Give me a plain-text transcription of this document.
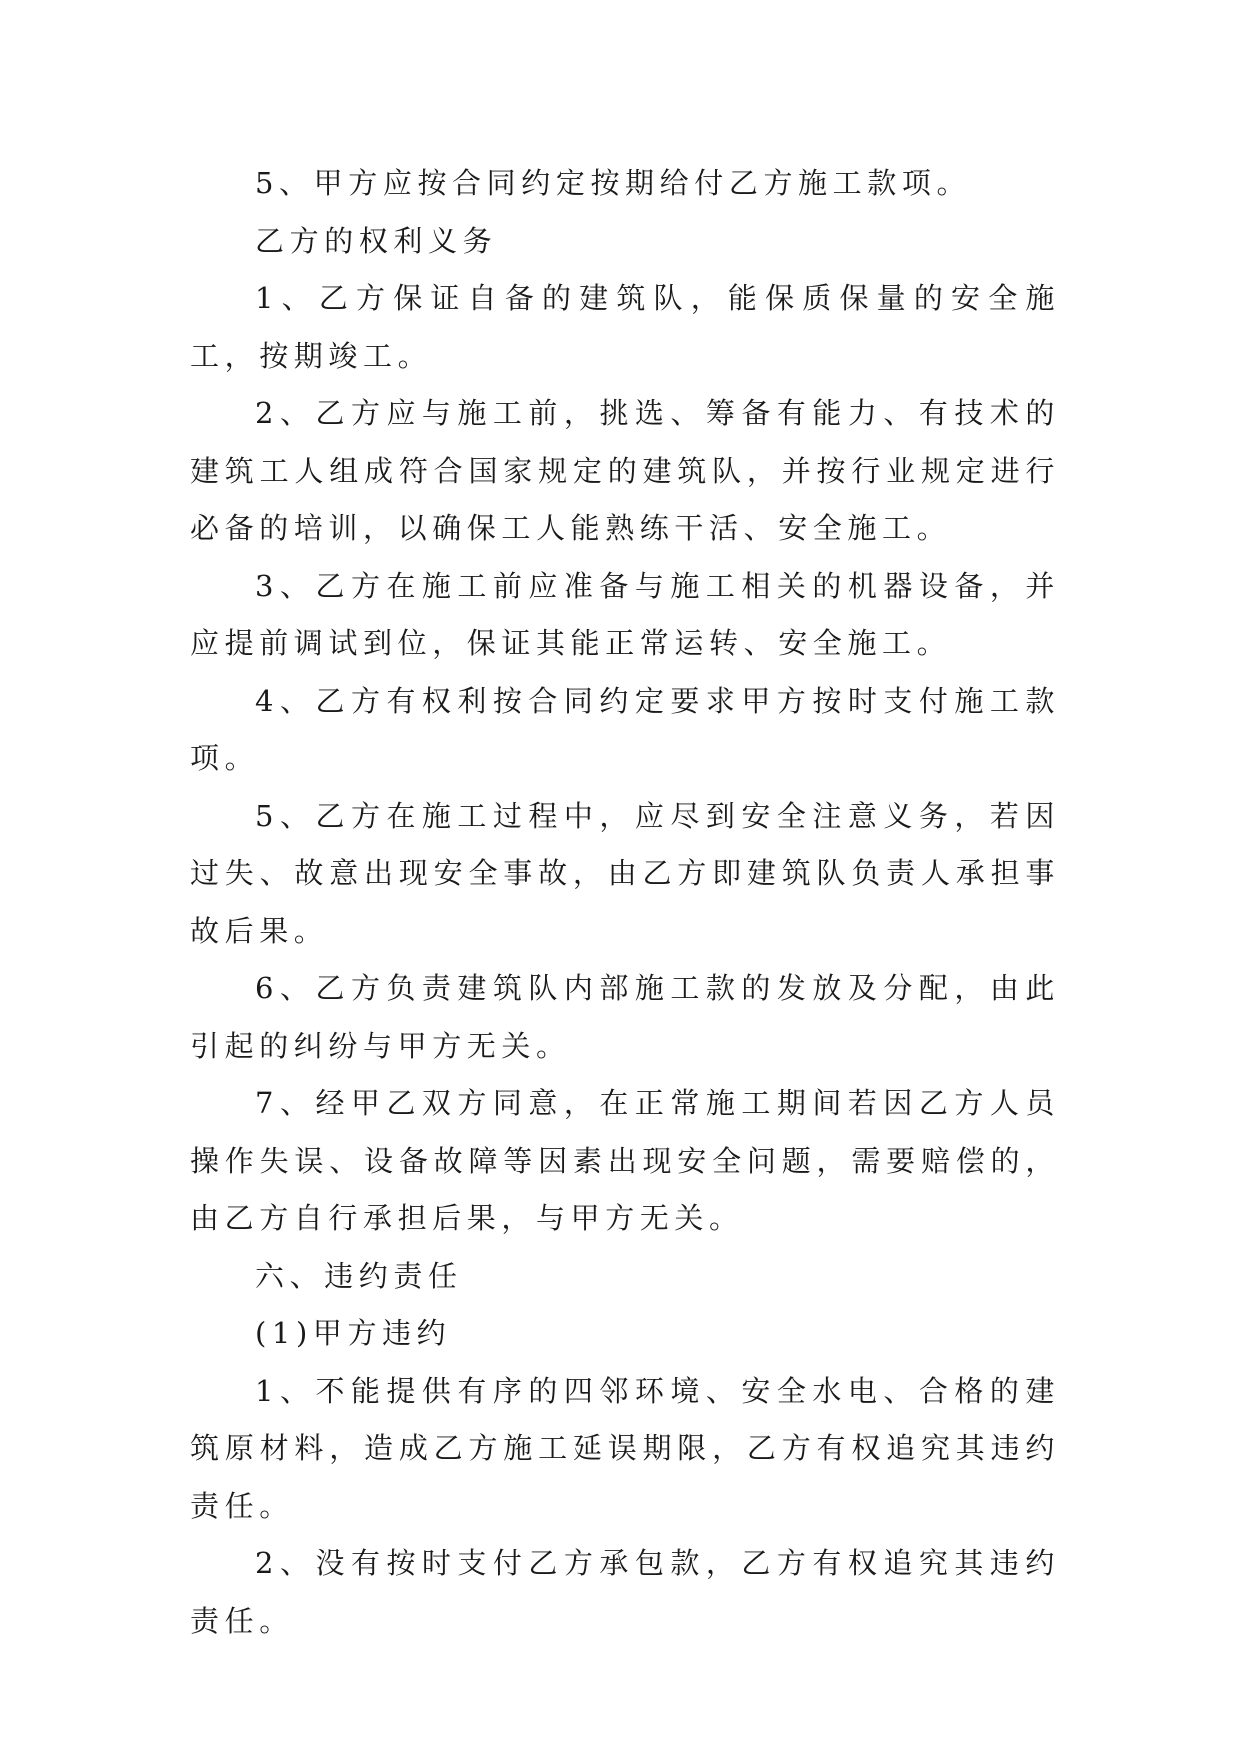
5、甲方应按合同约定按期给付乙方施工款项。

乙方的权利义务

1、乙方保证自备的建筑队，能保质保量的安全施工，按期竣工。

2、乙方应与施工前，挑选、筹备有能力、有技术的建筑工人组成符合国家规定的建筑队，并按行业规定进行必备的培训，以确保工人能熟练干活、安全施工。

3、乙方在施工前应准备与施工相关的机器设备，并应提前调试到位，保证其能正常运转、安全施工。

4、乙方有权利按合同约定要求甲方按时支付施工款项。

5、乙方在施工过程中，应尽到安全注意义务，若因过失、故意出现安全事故，由乙方即建筑队负责人承担事故后果。

6、乙方负责建筑队内部施工款的发放及分配，由此引起的纠纷与甲方无关。

7、经甲乙双方同意，在正常施工期间若因乙方人员操作失误、设备故障等因素出现安全问题，需要赔偿的，由乙方自行承担后果，与甲方无关。

六、违约责任

(1)甲方违约

1、不能提供有序的四邻环境、安全水电、合格的建筑原材料，造成乙方施工延误期限，乙方有权追究其违约责任。

2、没有按时支付乙方承包款，乙方有权追究其违约责任。
